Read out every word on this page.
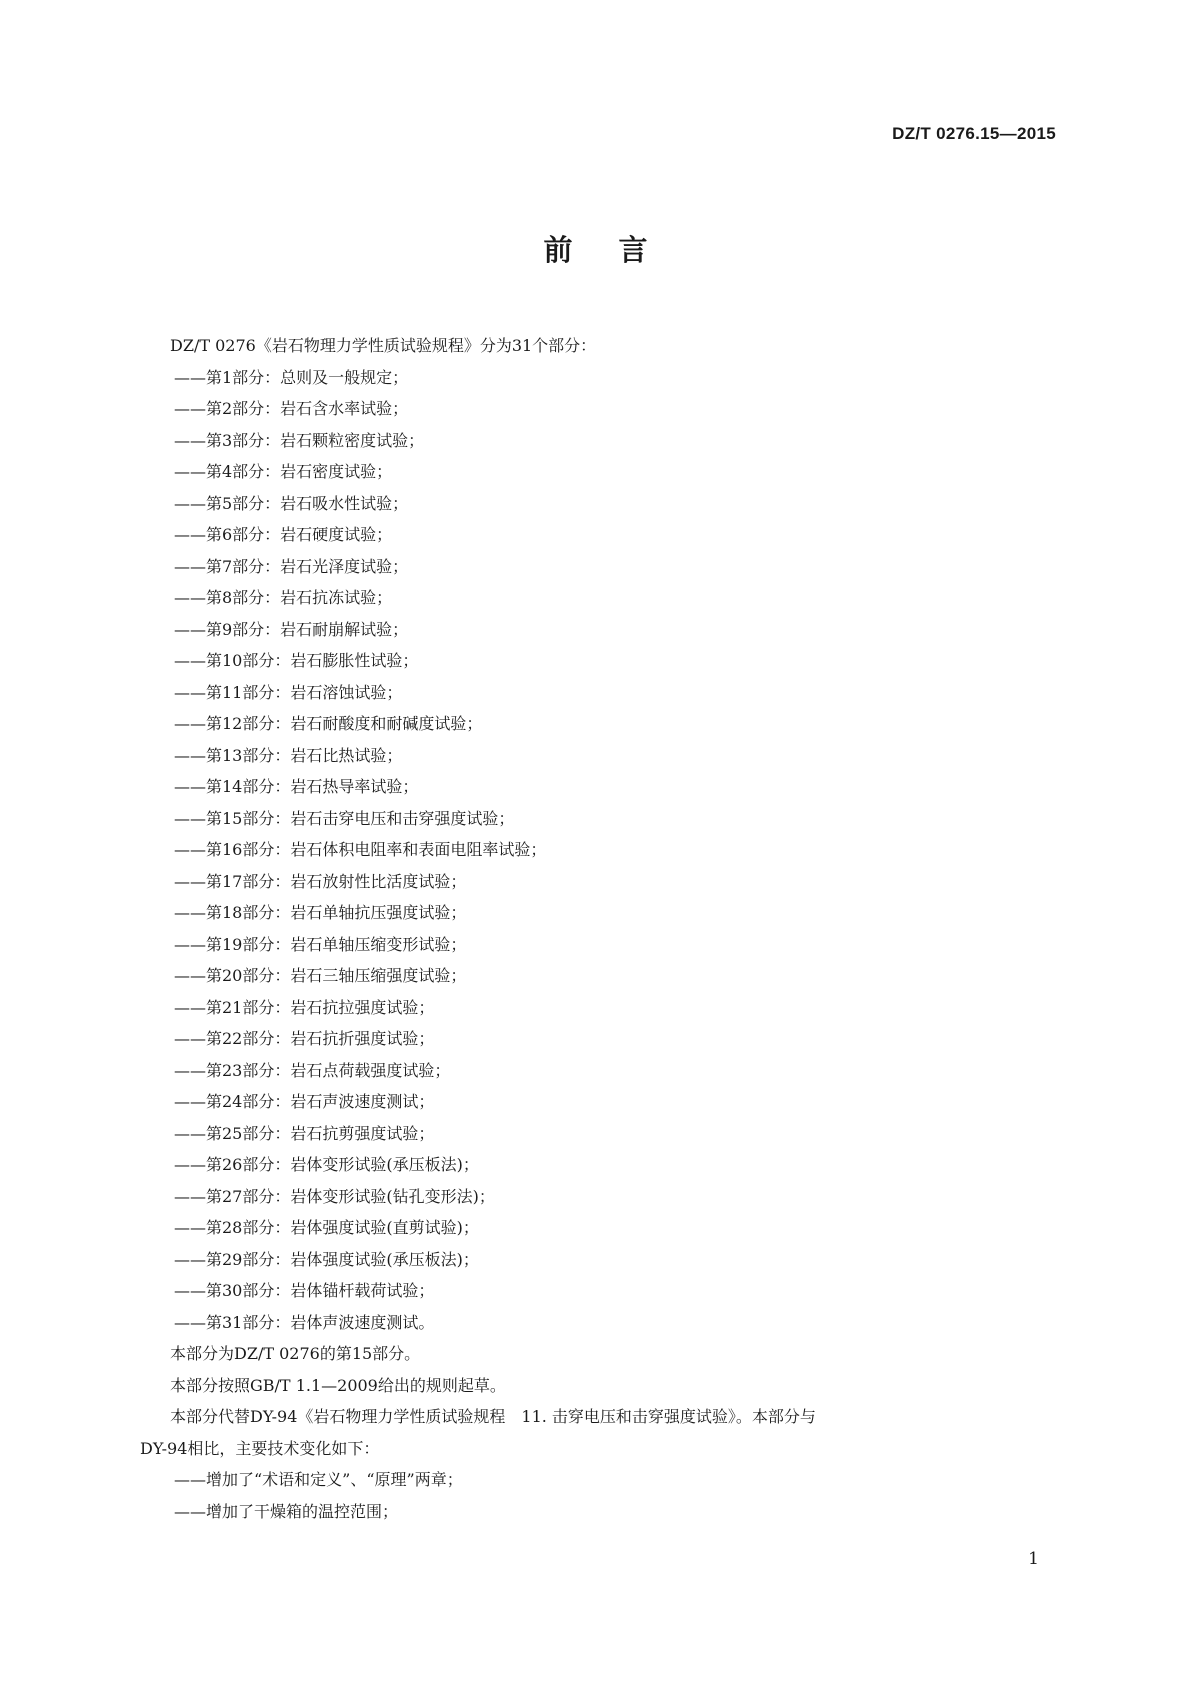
DZ/T 0276.15—2015
前言
DZ/T 0276《岩石物理力学性质试验规程》分为31个部分：
——第1部分：总则及一般规定；
——第2部分：岩石含水率试验；
——第3部分：岩石颗粒密度试验；
——第4部分：岩石密度试验；
——第5部分：岩石吸水性试验；
——第6部分：岩石硬度试验；
——第7部分：岩石光泽度试验；
——第8部分：岩石抗冻试验；
——第9部分：岩石耐崩解试验；
——第10部分：岩石膨胀性试验；
——第11部分：岩石溶蚀试验；
——第12部分：岩石耐酸度和耐碱度试验；
——第13部分：岩石比热试验；
——第14部分：岩石热导率试验；
——第15部分：岩石击穿电压和击穿强度试验；
——第16部分：岩石体积电阻率和表面电阻率试验；
——第17部分：岩石放射性比活度试验；
——第18部分：岩石单轴抗压强度试验；
——第19部分：岩石单轴压缩变形试验；
——第20部分：岩石三轴压缩强度试验；
——第21部分：岩石抗拉强度试验；
——第22部分：岩石抗折强度试验；
——第23部分：岩石点荷载强度试验；
——第24部分：岩石声波速度测试；
——第25部分：岩石抗剪强度试验；
——第26部分：岩体变形试验(承压板法)；
——第27部分：岩体变形试验(钻孔变形法)；
——第28部分：岩体强度试验(直剪试验)；
——第29部分：岩体强度试验(承压板法)；
——第30部分：岩体锚杆载荷试验；
——第31部分：岩体声波速度测试。
本部分为DZ/T 0276的第15部分。
本部分按照GB/T 1.1—2009给出的规则起草。
本部分代替DY-94《岩石物理力学性质试验规程　11. 击穿电压和击穿强度试验》。本部分与
DY-94相比，主要技术变化如下：
——增加了“术语和定义”、“原理”两章；
——增加了干燥箱的温控范围；
1
